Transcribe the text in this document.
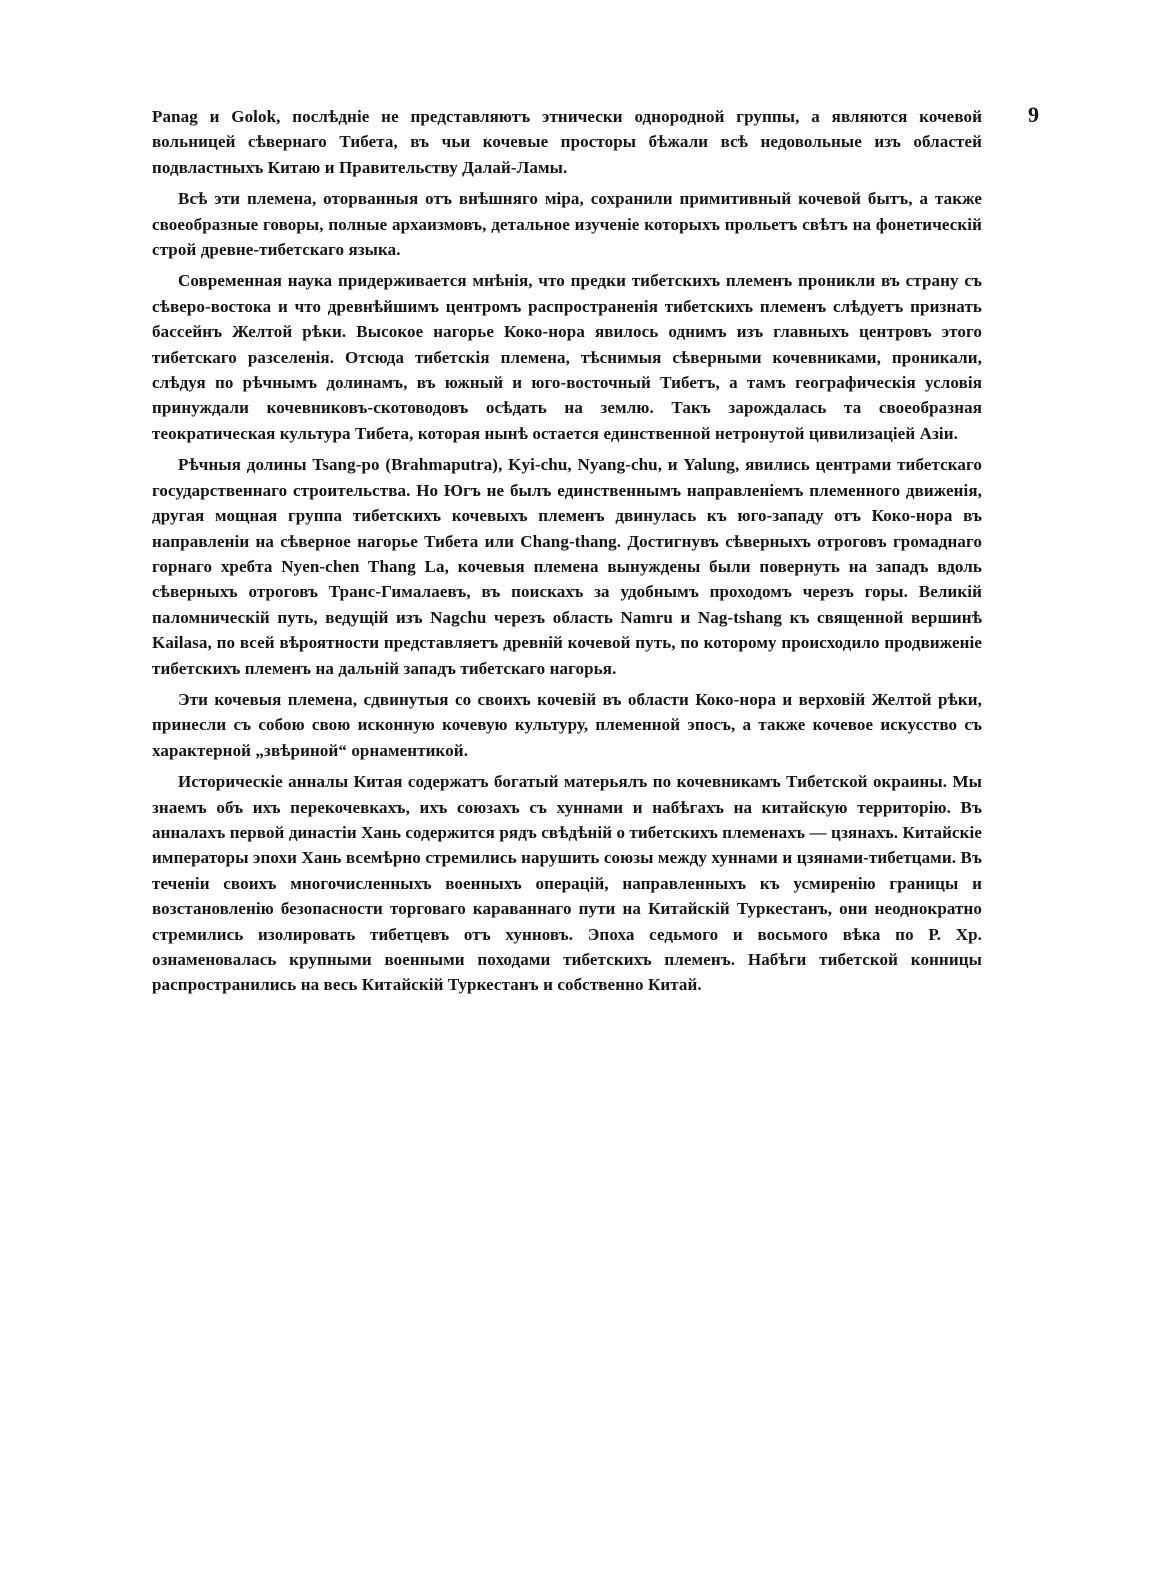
9

Panag и Golok, послѣдніе не представляютъ этнически однородной группы, а являются кочевой вольницей сѣвернаго Тибета, въ чьи кочевые просторы бѣжали всѣ недовольные изъ областей подвластныхъ Китаю и Правительству Далай-Ламы.

Всѣ эти племена, оторванныя отъ внѣшняго міра, сохранили примитивный кочевой бытъ, а также своеобразные говоры, полные архаизмовъ, детальное изученіе которыхъ прольетъ свѣтъ на фонетическій строй древне-тибетскаго языка.

Современная наука придерживается мнѣнія, что предки тибетскихъ племенъ проникли въ страну съ сѣверо-востока и что древнѣйшимъ центромъ распространенія тибетскихъ племенъ слѣдуетъ признать бассейнъ Желтой рѣки. Высокое нагорье Коко-нора явилось однимъ изъ главныхъ центровъ этого тибетскаго разселенія. Отсюда тибетскія племена, тѣснимыя сѣверными кочевниками, проникали, слѣдуя по рѣчнымъ долинамъ, въ южный и юго-восточный Тибетъ, а тамъ географическія условія принуждали кочевниковъ-скотоводовъ осѣдать на землю. Такъ зарождалась та своеобразная теократическая культура Тибета, которая нынѣ остается единственной нетронутой цивилизаціей Азіи.

Рѣчныя долины Tsang-po (Brahmaputra), Kyi-chu, Nyang-chu, и Yalung, явились центрами тибетскаго государственнаго строительства. Но Югъ не былъ единственнымъ направленіемъ племенного движенія, другая мощная группа тибетскихъ кочевыхъ племенъ двинулась къ юго-западу отъ Коко-нора въ направленіи на сѣверное нагорье Тибета или Chang-thang. Достигнувъ сѣверныхъ отроговъ громаднаго горнаго хребта Nyen-chen Thang La, кочевыя племена вынуждены были повернуть на западъ вдоль сѣверныхъ отроговъ Транс-Гималаевъ, въ поискахъ за удобнымъ проходомъ черезъ горы. Великій паломническій путь, ведущій изъ Nagchu черезъ область Namru и Nag-tshang къ священной вершинѣ Kailasa, по всей вѣроятности представляетъ древній кочевой путь, по которому происходило продвиженіе тибетскихъ племенъ на дальній западъ тибетскаго нагорья.

Эти кочевыя племена, сдвинутыя со своихъ кочевій въ области Коко-нора и верховій Желтой рѣки, принесли съ собою свою исконную кочевую культуру, племенной эпосъ, а также кочевое искусство съ характерной „звѣриной“ орнаментикой.

Историческіе анналы Китая содержатъ богатый матерьялъ по кочевникамъ Тибетской окраины. Мы знаемъ объ ихъ перекочевкахъ, ихъ союзахъ съ хуннами и набѣгахъ на китайскую территорію. Въ анналахъ первой династіи Хань содержится рядъ свѣдѣній о тибетскихъ племенахъ — цзянахъ. Китайскіе императоры эпохи Хань всемѣрно стремились нарушить союзы между хуннами и цзянами-тибетцами. Въ теченіи своихъ многочисленныхъ военныхъ операцій, направленныхъ къ усмиренію границы и возстановленію безопасности торговаго караваннаго пути на Китайскій Туркестанъ, они неоднократно стремились изолировать тибетцевъ отъ хунновъ. Эпоха седьмого и восьмого вѣка по Р. Хр. ознаменовалась крупными военными походами тибетскихъ племенъ. Набѣги тибетской конницы распространились на весь Китайскій Туркестанъ и собственно Китай.
